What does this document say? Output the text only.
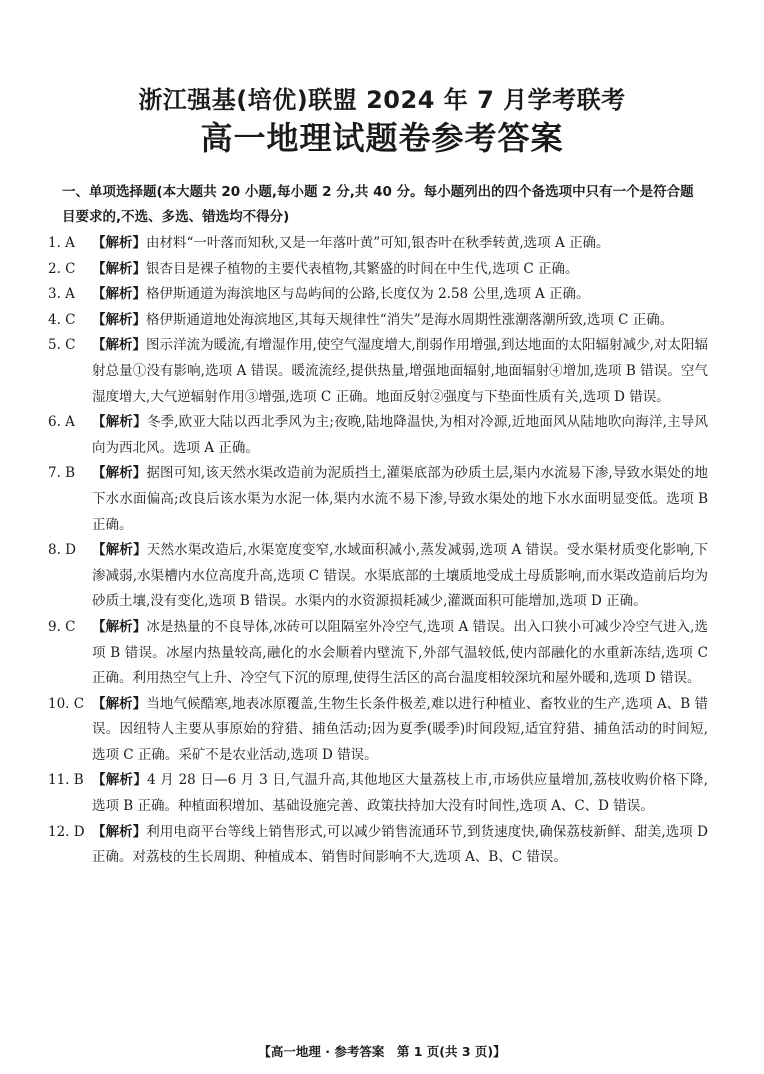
浙江强基(培优)联盟 2024 年 7 月学考联考
高一地理试题卷参考答案
一、单项选择题(本大题共 20 小题,每小题 2 分,共 40 分。每小题列出的四个备选项中只有一个是符合题目要求的,不选、多选、错选均不得分)
1. A	【解析】由材料“一叶落而知秋,又是一年落叶黄”可知,银杏叶在秋季转黄,选项 A 正确。
2. C	【解析】银杏目是裸子植物的主要代表植物,其繁盛的时间在中生代,选项 C 正确。
3. A	【解析】格伊斯通道为海滨地区与岛屿间的公路,长度仅为 2.58 公里,选项 A 正确。
4. C	【解析】格伊斯通道地处海滨地区,其每天规律性“消失”是海水周期性涨潮落潮所致,选项 C 正确。
5. C	【解析】图示洋流为暖流,有增湿作用,使空气湿度增大,削弱作用增强,到达地面的太阳辐射减少,对太阳辐射总量①没有影响,选项 A 错误。暖流流经,提供热量,增强地面辐射,地面辐射④增加,选项 B 错误。空气湿度增大,大气逆辐射作用③增强,选项 C 正确。地面反射②强度与下垫面性质有关,选项 D 错误。
6. A	【解析】冬季,欧亚大陆以西北季风为主;夜晚,陆地降温快,为相对冷源,近地面风从陆地吹向海洋,主导风向为西北风。选项 A 正确。
7. B	【解析】据图可知,该天然水渠改造前为泥质挡土,灌渠底部为砂质土层,渠内水流易下渗,导致水渠处的地下水水面偏高;改良后该水渠为水泥一体,渠内水流不易下渗,导致水渠处的地下水水面明显变低。选项 B 正确。
8. D	【解析】天然水渠改造后,水渠宽度变窄,水域面积减小,蒸发减弱,选项 A 错误。受水渠材质变化影响,下渗减弱,水渠槽内水位高度升高,选项 C 错误。水渠底部的土壤质地受成土母质影响,而水渠改造前后均为砂质土壤,没有变化,选项 B 错误。水渠内的水资源损耗减少,灌溉面积可能增加,选项 D 正确。
9. C	【解析】冰是热量的不良导体,冰砖可以阻隔室外冷空气,选项 A 错误。出入口狭小可减少冷空气进入,选项 B 错误。冰屋内热量较高,融化的水会顺着内壁流下,外部气温较低,使内部融化的水重新冻结,选项 C 正确。利用热空气上升、冷空气下沉的原理,使得生活区的高台温度相较深坑和屋外暖和,选项 D 错误。
10. C 【解析】当地气候酷寒,地表冰原覆盖,生物生长条件极差,难以进行种植业、畜牧业的生产,选项 A、B 错误。因纽特人主要从事原始的狩猎、捕鱼活动;因为夏季(暖季)时间段短,适宜狩猎、捕鱼活动的时间短,选项 C 正确。采矿不是农业活动,选项 D 错误。
11. B 【解析】4 月 28 日—6 月 3 日,气温升高,其他地区大量荔枝上市,市场供应量增加,荔枝收购价格下降,选项 B 正确。种植面积增加、基础设施完善、政策扶持加大没有时间性,选项 A、C、D 错误。
12. D 【解析】利用电商平台等线上销售形式,可以减少销售流通环节,到货速度快,确保荔枝新鲜、甜美,选项 D 正确。对荔枝的生长周期、种植成本、销售时间影响不大,选项 A、B、C 错误。
【高一地理 · 参考答案　第 1 页(共 3 页)】
